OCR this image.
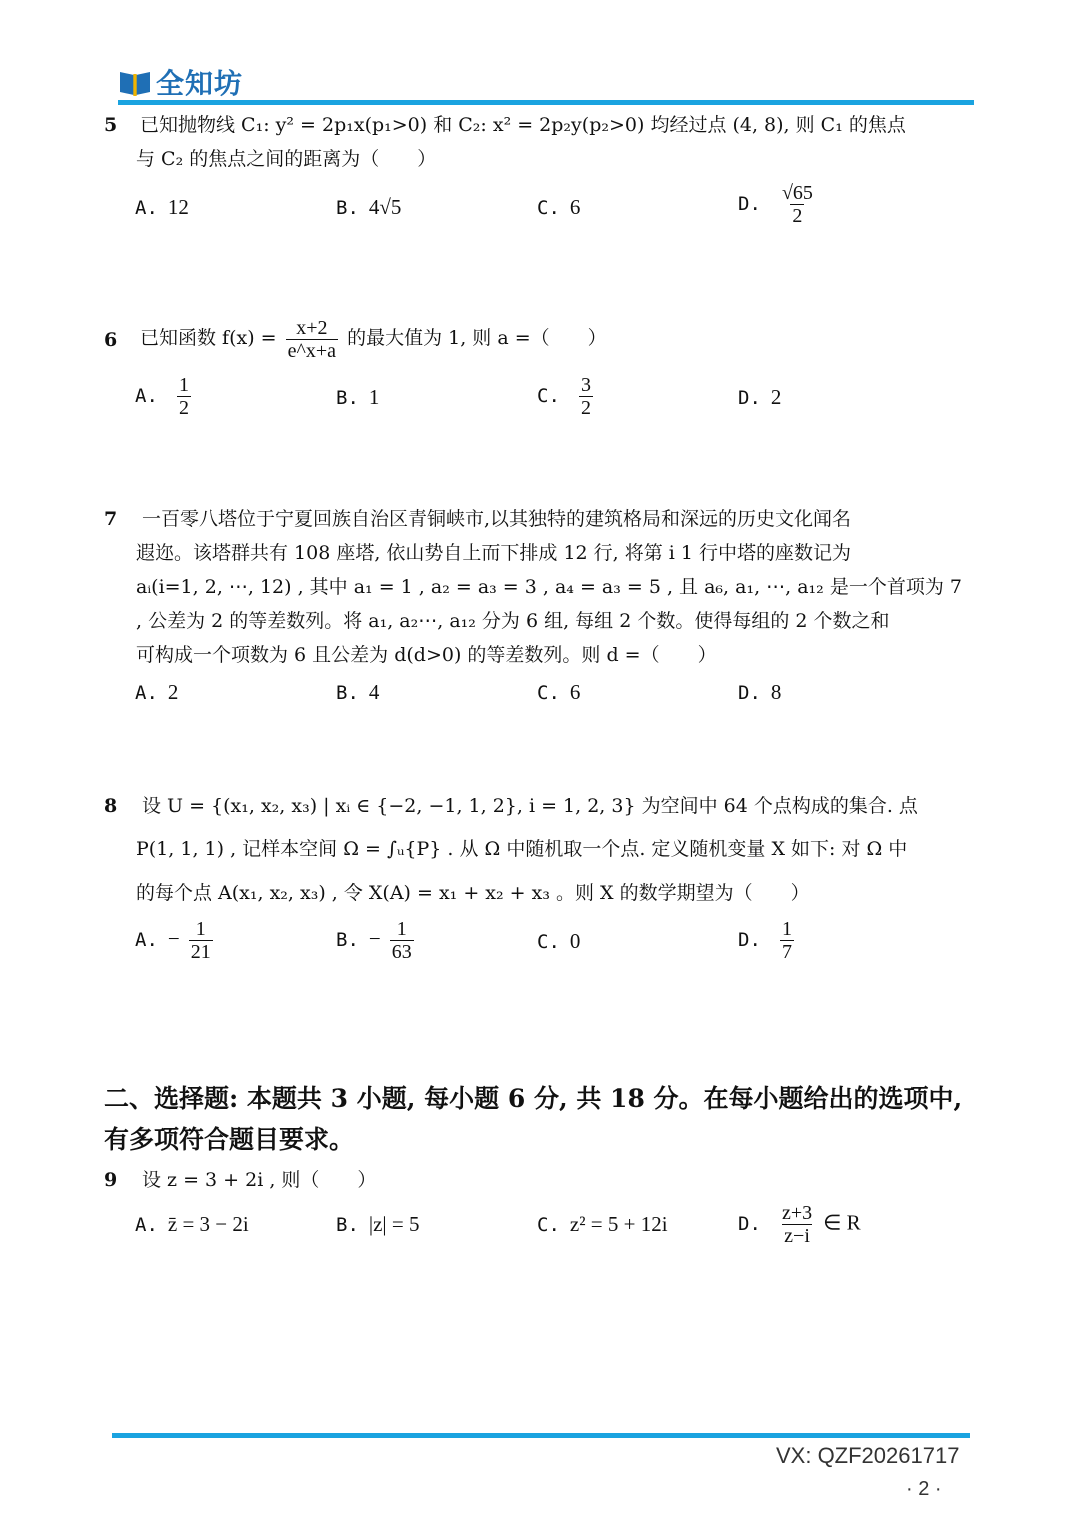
全知坊
5 已知抛物线 C₁: y² = 2p₁x(p₁>0) 和 C₂: x² = 2p₂y(p₂>0) 均经过点 (4, 8), 则 C₁ 的焦点
与 C₂ 的焦点之间的距离为（　　）
A. 12	B. 4√5	C. 6	D. $\frac{√65}{2}$
6 已知函数 $f(x) = \frac{x+2}{e\^{}x+a}$ 的最大值为 1, 则 a =（　　）
A. $\frac{1}{2}$	B. 1	C. $\frac{3}{2}$	D. 2
7 一百零八塔位于宁夏回族自治区青铜峡市,以其独特的建筑格局和深远的历史文化闻名
遐迩。该塔群共有 108 座塔, 依山势自上而下排成 12 行, 将第 i 1 行中塔的座数记为
aᵢ(i=1, 2, ⋯, 12) , 其中 a₁ = 1 , a₂ = a₃ = 3 , a₄ = a₃ = 5 , 且 a₆, a₁, ⋯, a₁₂ 是一个首项为 7
, 公差为 2 的等差数列。将 a₁, a₂⋯, a₁₂ 分为 6 组, 每组 2 个数。使得每组的 2 个数之和
可构成一个项数为 6 且公差为 d(d>0) 的等差数列。则 d =（　　）
A. 2	B. 4	C. 6	D. 8
8 设 U = {(x₁, x₂, x₃) | xᵢ ∈ {−2, −1, 1, 2}, i = 1, 2, 3} 为空间中 64 个点构成的集合. 点
P(1, 1, 1) , 记样本空间 Ω = ∫ᵤ{P} . 从 Ω 中随机取一个点. 定义随机变量 X 如下: 对 Ω 中
的每个点 A(x₁, x₂, x₃) , 令 X(A) = x₁ + x₂ + x₃ 。则 X 的数学期望为（　　）
A. − $\frac{1}{21}$	B. − $\frac{1}{63}$	C. 0	D. $\frac{1}{7}$
二、选择题: 本题共 3 小题, 每小题 6 分, 共 18 分。在每小题给出的选项中,
有多项符合题目要求。
9 设 z = 3 + 2i , 则（　　）
A. z̄ = 3 − 2i	B. |z| = 5	C. z² = 5 + 12i	D. $\frac{z+3}{z-i}$ ∈ R
VX: QZF20261717
· 2 ·
